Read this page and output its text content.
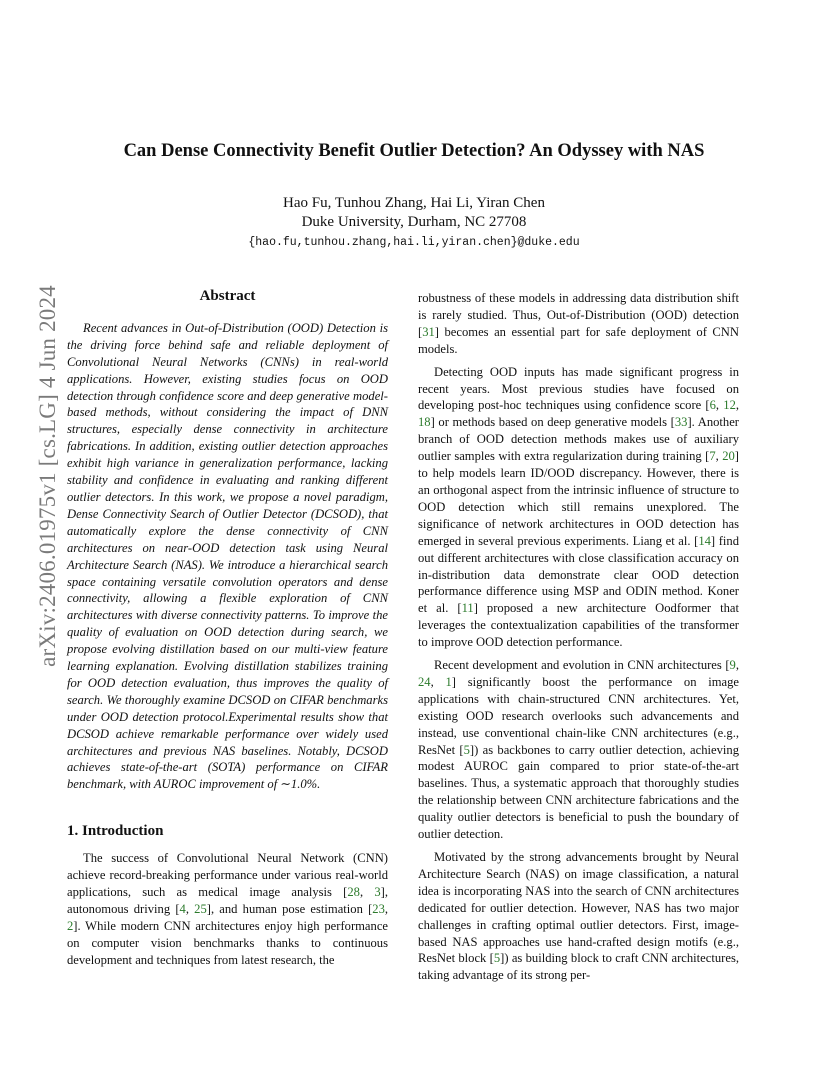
Can Dense Connectivity Benefit Outlier Detection? An Odyssey with NAS
Hao Fu, Tunhou Zhang, Hai Li, Yiran Chen
Duke University, Durham, NC 27708
{hao.fu,tunhou.zhang,hai.li,yiran.chen}@duke.edu
arXiv:2406.01975v1 [cs.LG] 4 Jun 2024	Abstract

Recent advances in Out-of-Distribution (OOD) Detection is the driving force behind safe and reliable deployment of Convolutional Neural Networks (CNNs) in real-world applications. However, existing studies focus on OOD detection through confidence score and deep generative model-based methods, without considering the impact of DNN structures, especially dense connectivity in architecture fabrications. In addition, existing outlier detection approaches exhibit high variance in generalization performance, lacking stability and confidence in evaluating and ranking different outlier detectors. In this work, we propose a novel paradigm, Dense Connectivity Search of Outlier Detector (DCSOD), that automatically explore the dense connectivity of CNN architectures on near-OOD detection task using Neural Architecture Search (NAS). We introduce a hierarchical search space containing versatile convolution operators and dense connectivity, allowing a flexible exploration of CNN architectures with diverse connectivity patterns. To improve the quality of evaluation on OOD detection during search, we propose evolving distillation based on our multi-view feature learning explanation. Evolving distillation stabilizes training for OOD detection evaluation, thus improves the quality of search. We thoroughly examine DCSOD on CIFAR benchmarks under OOD detection protocol.Experimental results show that DCSOD achieve remarkable performance over widely used architectures and previous NAS baselines. Notably, DCSOD achieves state-of-the-art (SOTA) performance on CIFAR benchmark, with AUROC improvement of ∼1.0%.

1. Introduction

The success of Convolutional Neural Network (CNN) achieve record-breaking performance under various real-world applications, such as medical image analysis [28, 3], autonomous driving [4, 25], and human pose estimation [23, 2]. While modern CNN architectures enjoy high performance on computer vision benchmarks thanks to continuous development and techniques from latest research, the

robustness of these models in addressing data distribution shift is rarely studied. Thus, Out-of-Distribution (OOD) detection [31] becomes an essential part for safe deployment of CNN models.

Detecting OOD inputs has made significant progress in recent years. Most previous studies have focused on developing post-hoc techniques using confidence score [6, 12, 18] or methods based on deep generative models [33]. Another branch of OOD detection methods makes use of auxiliary outlier samples with extra regularization during training [7, 20] to help models learn ID/OOD discrepancy. However, there is an orthogonal aspect from the intrinsic influence of structure to OOD detection which still remains unexplored. The significance of network architectures in OOD detection has emerged in several previous experiments. Liang et al. [14] find out different architectures with close classification accuracy on in-distribution data demonstrate clear OOD detection performance difference using MSP and ODIN method. Koner et al. [11] proposed a new architecture Oodformer that leverages the contextualization capabilities of the transformer to improve OOD detection performance.

Recent development and evolution in CNN architectures [9, 24, 1] significantly boost the performance on image applications with chain-structured CNN architectures. Yet, existing OOD research overlooks such advancements and instead, use conventional chain-like CNN architectures (e.g., ResNet [5]) as backbones to carry outlier detection, achieving modest AUROC gain compared to prior state-of-the-art baselines. Thus, a systematic approach that thoroughly studies the relationship between CNN architecture fabrications and the quality outlier detectors is beneficial to push the boundary of outlier detection.

Motivated by the strong advancements brought by Neural Architecture Search (NAS) on image classification, a natural idea is incorporating NAS into the search of CNN architectures dedicated for outlier detection. However, NAS has two major challenges in crafting optimal outlier detectors. First, image-based NAS approaches use hand-crafted design motifs (e.g., ResNet block [5]) as building block to craft CNN architectures, taking advantage of its strong per-
